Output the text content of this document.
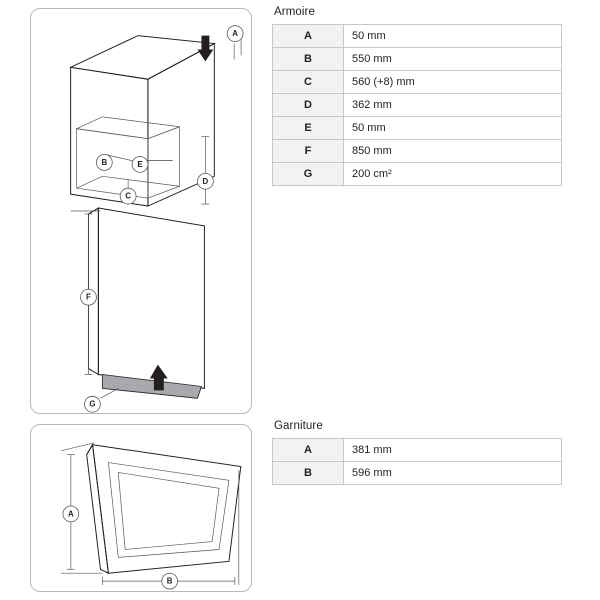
A
B	E
C
D
F
G
A
B
Armoire
A	50 mm
B	550 mm
C	560 (+8) mm
D	362 mm
E	50 mm
F	850 mm
G	200 cm²
Garniture
A	381 mm
B	596 mm
